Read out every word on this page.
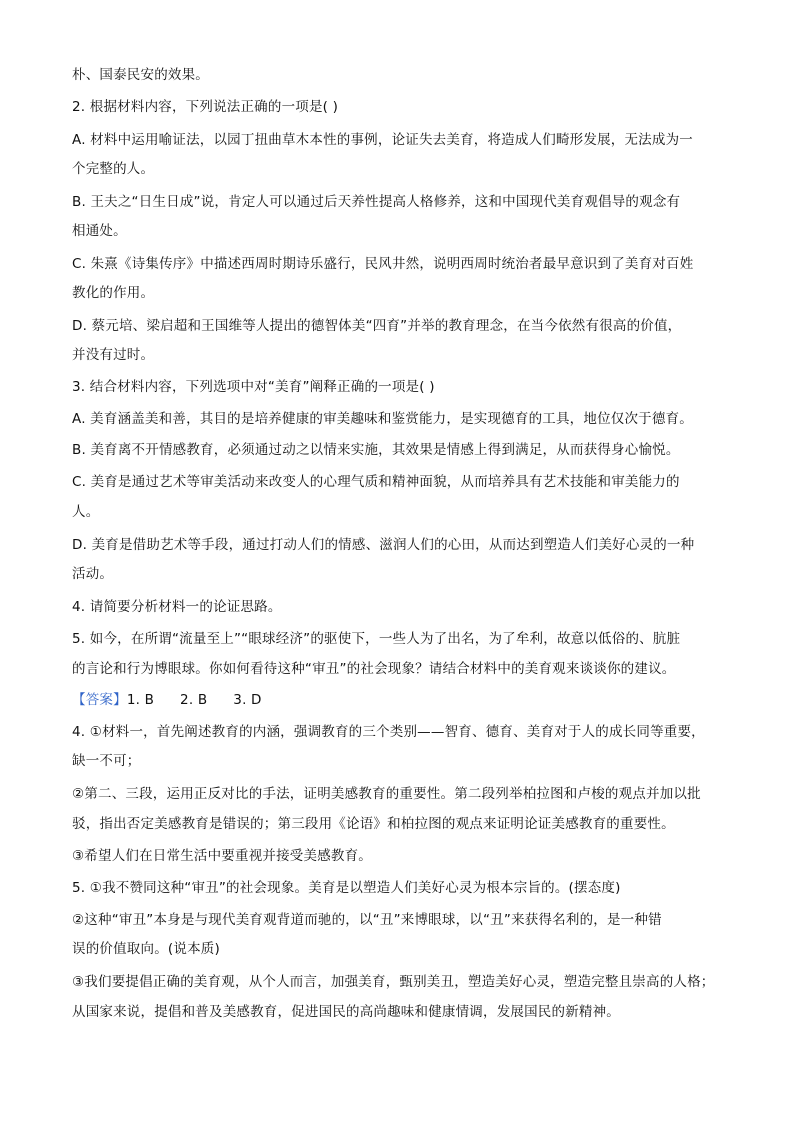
朴、国泰民安的效果。
2. 根据材料内容，下列说法正确的一项是( )
A. 材料中运用喻证法，以园丁扭曲草木本性的事例，论证失去美育，将造成人们畸形发展，无法成为一
个完整的人。
B. 王夫之“日生日成”说，肯定人可以通过后天养性提高人格修养，这和中国现代美育观倡导的观念有
相通处。
C. 朱熹《诗集传序》中描述西周时期诗乐盛行，民风井然，说明西周时统治者最早意识到了美育对百姓
教化的作用。
D. 蔡元培、梁启超和王国维等人提出的德智体美“四育”并举的教育理念，在当今依然有很高的价值，
并没有过时。
3. 结合材料内容，下列选项中对“美育”阐释正确的一项是( )
A. 美育涵盖美和善，其目的是培养健康的审美趣味和鉴赏能力，是实现德育的工具，地位仅次于德育。
B. 美育离不开情感教育，必须通过动之以情来实施，其效果是情感上得到满足，从而获得身心愉悦。
C. 美育是通过艺术等审美活动来改变人的心理气质和精神面貌，从而培养具有艺术技能和审美能力的
人。
D. 美育是借助艺术等手段，通过打动人们的情感、滋润人们的心田，从而达到塑造人们美好心灵的一种
活动。
4. 请简要分析材料一的论证思路。
5. 如今，在所谓“流量至上”“眼球经济”的驱使下，一些人为了出名，为了牟利，故意以低俗的、肮脏
的言论和行为博眼球。你如何看待这种“审丑”的社会现象？请结合材料中的美育观来谈谈你的建议。
【答案】1. B 2. B 3. D
4. ①材料一，首先阐述教育的内涵，强调教育的三个类别——智育、德育、美育对于人的成长同等重要，
缺一不可；
②第二、三段，运用正反对比的手法，证明美感教育的重要性。第二段列举柏拉图和卢梭的观点并加以批
驳，指出否定美感教育是错误的；第三段用《论语》和柏拉图的观点来证明论证美感教育的重要性。
③希望人们在日常生活中要重视并接受美感教育。
5. ①我不赞同这种“审丑”的社会现象。美育是以塑造人们美好心灵为根本宗旨的。(摆态度)
②这种“审丑”本身是与现代美育观背道而驰的，以“丑”来博眼球，以“丑”来获得名利的，是一种错
误的价值取向。(说本质)
③我们要提倡正确的美育观，从个人而言，加强美育，甄别美丑，塑造美好心灵，塑造完整且崇高的人格；
从国家来说，提倡和普及美感教育，促进国民的高尚趣味和健康情调，发展国民的新精神。
